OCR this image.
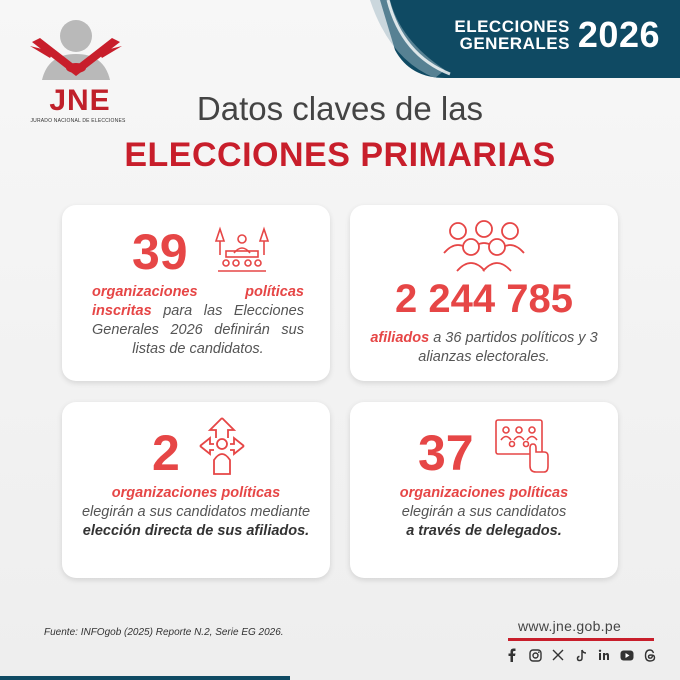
ELECCIONES
GENERALES 2026
JNE
JURADO NACIONAL DE ELECCIONES	Datos claves de las
ELECCIONES PRIMARIAS
39
organizaciones políticas inscritas para las Elecciones Generales 2026 definirán sus listas de candidatos.
2 244 785
afiliados a 36 partidos políticos y 3 alianzas electorales.
2
organizaciones políticas
elegirán a sus candidatos mediante elección directa de sus afiliados.
37
organizaciones políticas
elegirán a sus candidatos
a través de delegados.
Fuente: INFOgob (2025) Reporte N.2, Serie EG 2026.	www.jne.gob.pe
